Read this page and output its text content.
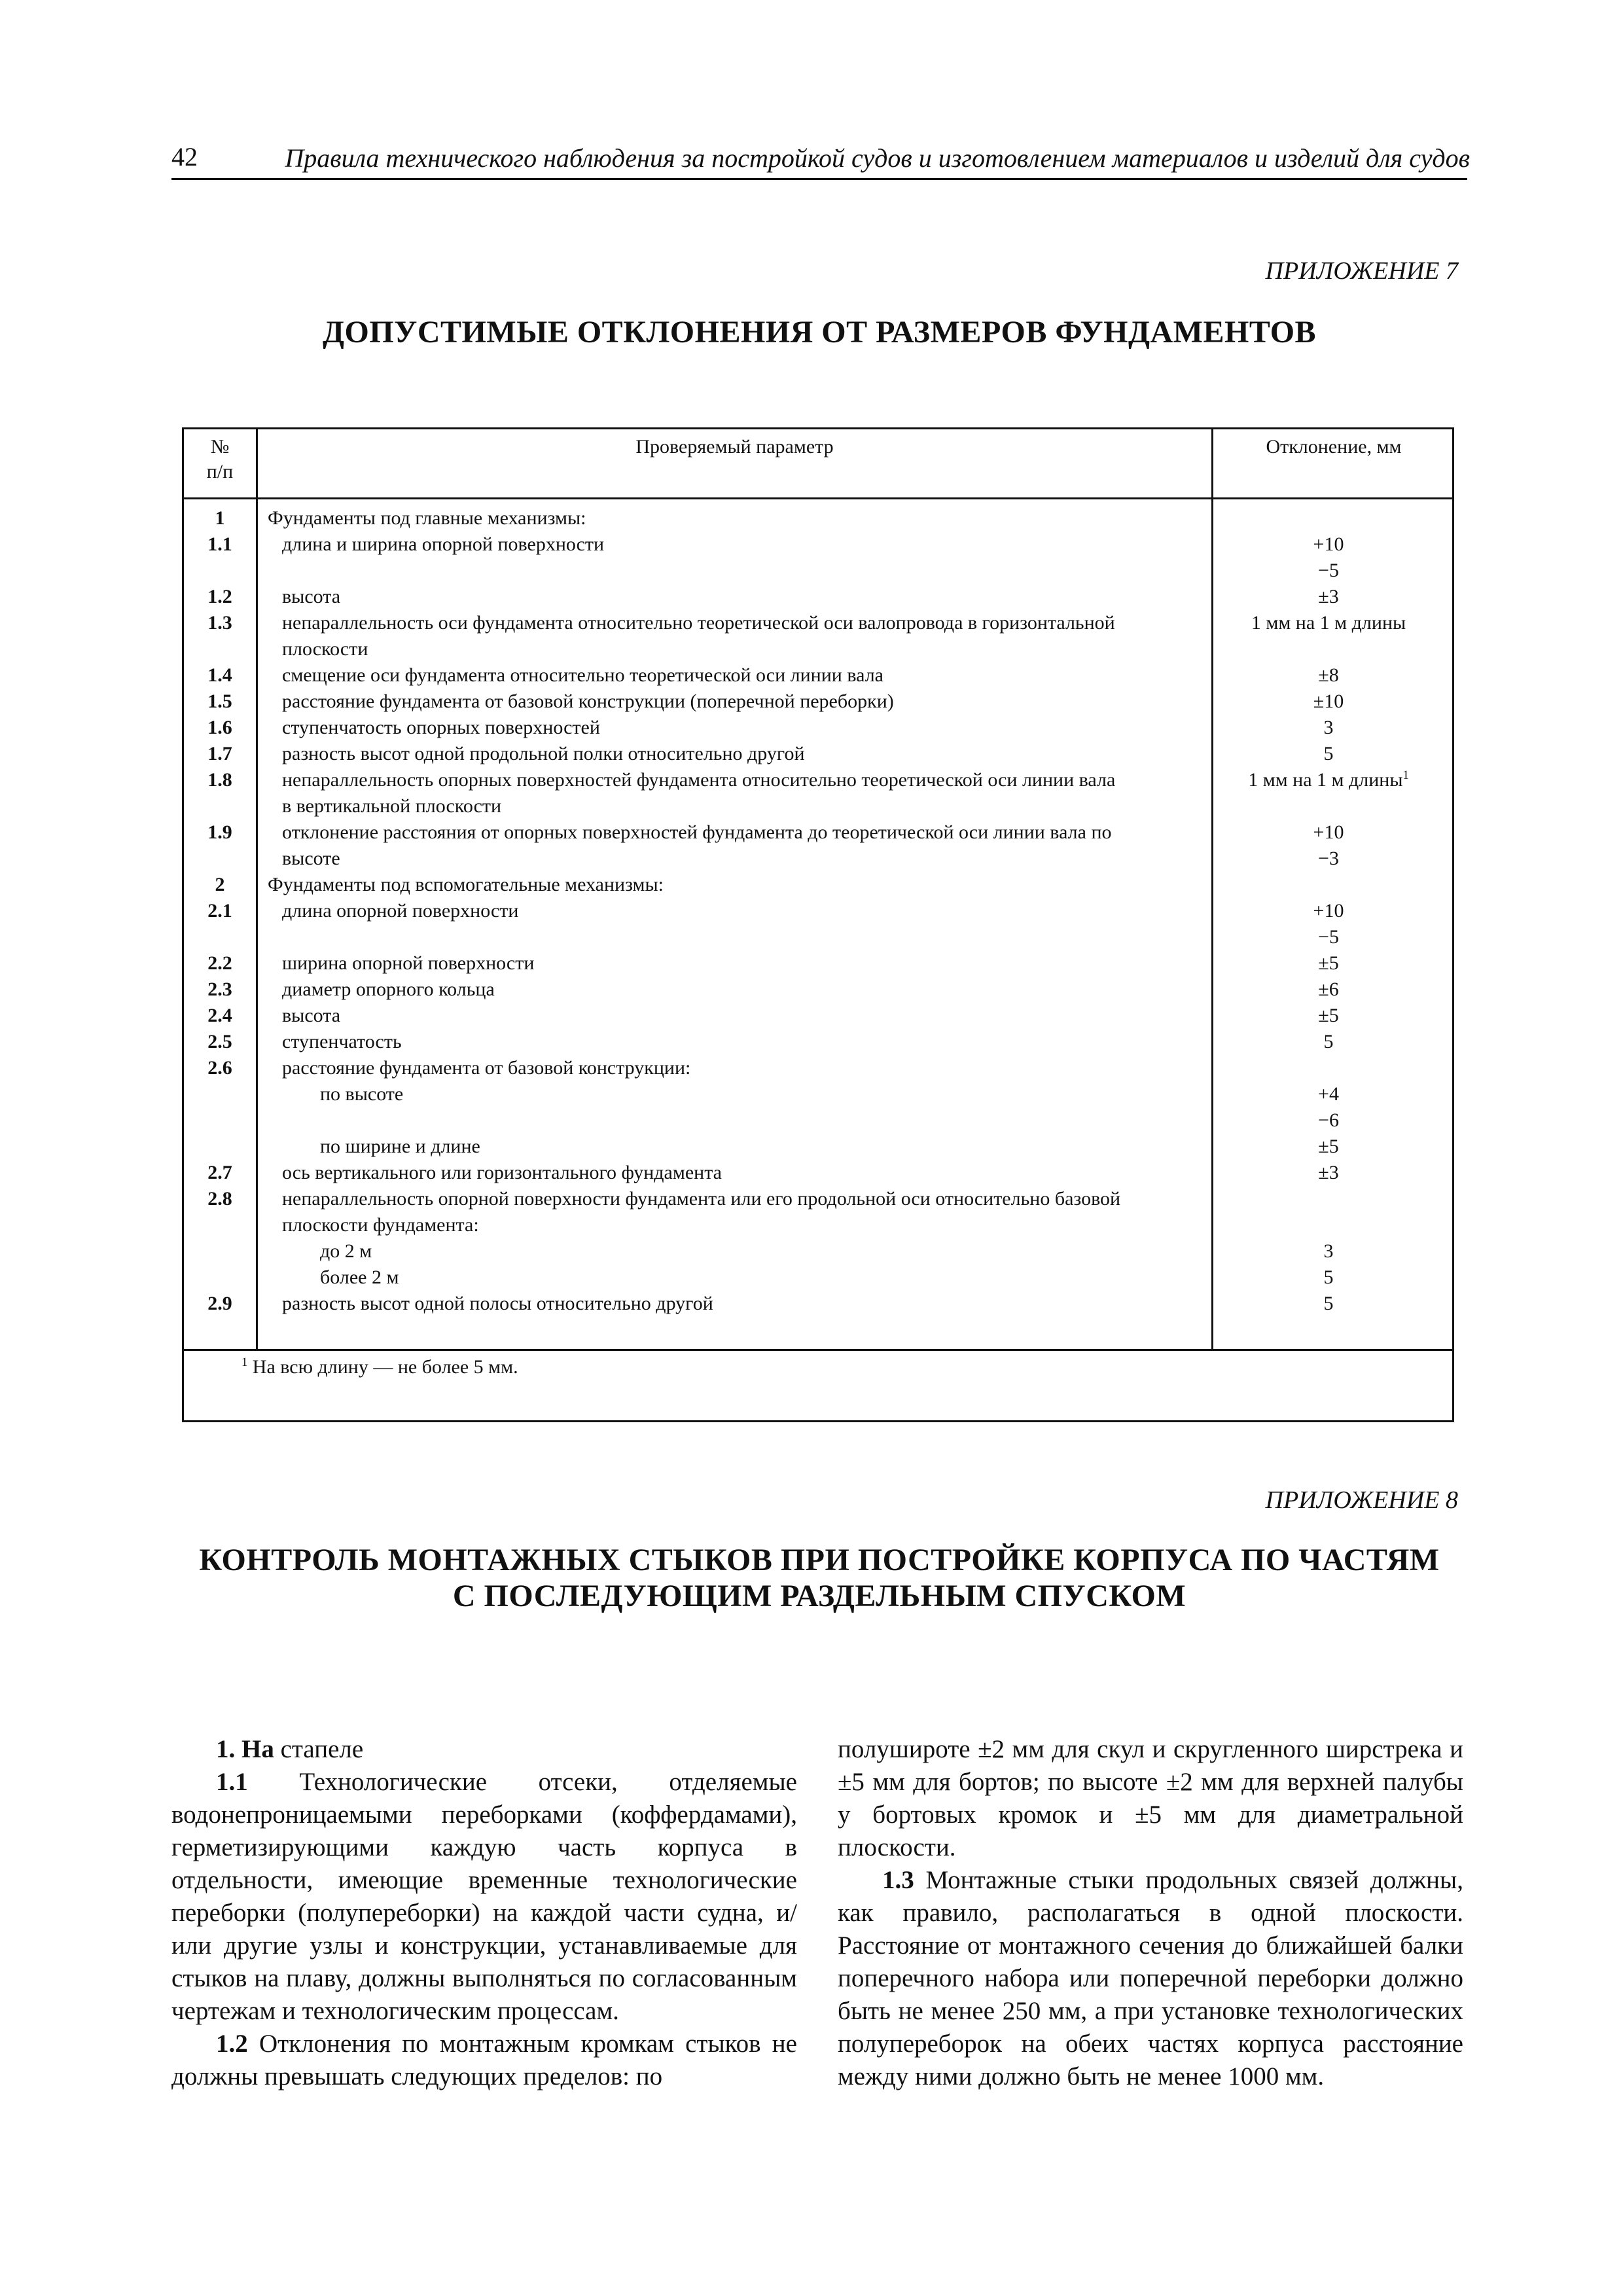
42	Правила технического наблюдения за постройкой судов и изготовлением материалов и изделий для судов
ПРИЛОЖЕНИЕ 7
ДОПУСТИМЫЕ ОТКЛОНЕНИЯ ОТ РАЗМЕРОВ ФУНДАМЕНТОВ
№
п/п
Проверяемый параметр	Отклонение, мм
1	Фундаменты под главные механизмы:
1.1	длина и ширина опорной поверхности	+10
−5
1.2	высота	±3
1.3	непараллельность оси фундамента относительно теоретической оси валопровода в горизонтальной	1 мм на 1 м длины
плоскости
1.4	смещение оси фундамента относительно теоретической оси линии вала	±8
1.5	расстояние фундамента от базовой конструкции (поперечной переборки)	±10
1.6	ступенчатость опорных поверхностей	3
1.7	разность высот одной продольной полки относительно другой	5
1.8	непараллельность опорных поверхностей фундамента относительно теоретической оси линии вала	1 мм на 1 м длины$^1$
в вертикальной плоскости
1.9	отклонение расстояния от опорных поверхностей фундамента до теоретической оси линии вала по	+10
высоте	−3
2	Фундаменты под вспомогательные механизмы:
2.1	длина опорной поверхности	+10
−5
2.2	ширина опорной поверхности	±5
2.3	диаметр опорного кольца	±6
2.4	высота	±5
2.5	ступенчатость	5
2.6	расстояние фундамента от базовой конструкции:
по высоте	+4
−6
по ширине и длине	±5
2.7	ось вертикального или горизонтального фундамента	±3
2.8	непараллельность опорной поверхности фундамента или его продольной оси относительно базовой
плоскости фундамента:
до 2 м	3
более 2 м	5
2.9	разность высот одной полосы относительно другой	5
$^1$ На всю длину — не более 5 мм.
ПРИЛОЖЕНИЕ 8
КОНТРОЛЬ МОНТАЖНЫХ СТЫКОВ ПРИ ПОСТРОЙКЕ КОРПУСА ПО ЧАСТЯМ
С ПОСЛЕДУЮЩИМ РАЗДЕЛЬНЫМ СПУСКОМ

1. На стапеле

1.1 Технологические отсеки, отделяемые водонепроницаемыми переборками (коффердамами), герметизирующими каждую часть корпуса в отдельности, имеющие временные технологические переборки (полупереборки) на каждой части судна, и/или другие узлы и конструкции, устанавливаемые для стыков на плаву, должны выполняться по согласованным чертежам и технологическим процессам.

1.2 Отклонения по монтажным кромкам стыков не должны превышать следующих пределов: по

полушироте ±2 мм для скул и скругленного ширстрека и ±5 мм для бортов; по высоте ±2 мм для верхней палубы у бортовых кромок и ±5 мм для диаметральной плоскости.

1.3 Монтажные стыки продольных связей должны, как правило, располагаться в одной плоскости. Расстояние от монтажного сечения до ближайшей балки поперечного набора или поперечной переборки должно быть не менее 250 мм, а при установке технологических полупереборок на обеих частях корпуса расстояние между ними должно быть не менее 1000 мм.
